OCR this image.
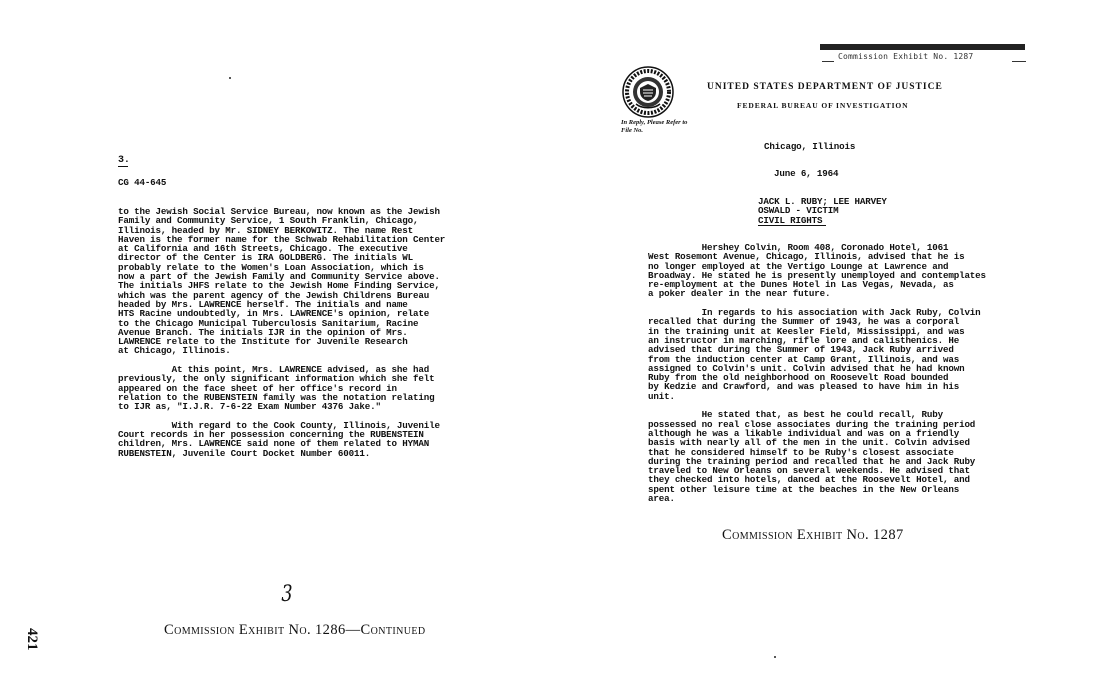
3.
CG 44-645
to the Jewish Social Service Bureau, now known as the Jewish
Family and Community Service, 1 South Franklin, Chicago,
Illinois, headed by Mr. SIDNEY BERKOWITZ. The name Rest
Haven is the former name for the Schwab Rehabilitation Center
at California and 16th Streets, Chicago. The executive
director of the Center is IRA GOLDBERG. The initials WL
probably relate to the Women's Loan Association, which is
now a part of the Jewish Family and Community Service above.
The initials JHFS relate to the Jewish Home Finding Service,
which was the parent agency of the Jewish Childrens Bureau
headed by Mrs. LAWRENCE herself. The initials and name
HTS Racine undoubtedly, in Mrs. LAWRENCE's opinion, relate
to the Chicago Municipal Tuberculosis Sanitarium, Racine
Avenue Branch. The initials IJR in the opinion of Mrs.
LAWRENCE relate to the Institute for Juvenile Research
at Chicago, Illinois.
At this point, Mrs. LAWRENCE advised, as she had
previously, the only significant information which she felt
appeared on the face sheet of her office's record in
relation to the RUBENSTEIN family was the notation relating
to IJR as, "I.J.R. 7-6-22 Exam Number 4376 Jake."
With regard to the Cook County, Illinois, Juvenile
Court records in her possession concerning the RUBENSTEIN
children, Mrs. LAWRENCE said none of them related to HYMAN
RUBENSTEIN, Juvenile Court Docket Number 60011.
3
Commission Exhibit No. 1286—Continued
421
Commission Exhibit No. 1287
UNITED STATES DEPARTMENT OF JUSTICE
FEDERAL BUREAU OF INVESTIGATION
In Reply, Please Refer to
File No.

Chicago, Illinois

June 6, 1964

JACK L. RUBY; LEE HARVEY
OSWALD - VICTIM
CIVIL RIGHTS
Hershey Colvin, Room 408, Coronado Hotel, 1061
West Rosemont Avenue, Chicago, Illinois, advised that he is
no longer employed at the Vertigo Lounge at Lawrence and
Broadway. He stated he is presently unemployed and contemplates
re-employment at the Dunes Hotel in Las Vegas, Nevada, as
a poker dealer in the near future.
In regards to his association with Jack Ruby, Colvin
recalled that during the Summer of 1943, he was a corporal
in the training unit at Keesler Field, Mississippi, and was
an instructor in marching, rifle lore and calisthenics. He
advised that during the Summer of 1943, Jack Ruby arrived
from the induction center at Camp Grant, Illinois, and was
assigned to Colvin's unit. Colvin advised that he had known
Ruby from the old neighborhood on Roosevelt Road bounded
by Kedzie and Crawford, and was pleased to have him in his
unit.
He stated that, as best he could recall, Ruby
possessed no real close associates during the training period
although he was a likable individual and was on a friendly
basis with nearly all of the men in the unit. Colvin advised
that he considered himself to be Ruby's closest associate
during the training period and recalled that he and Jack Ruby
traveled to New Orleans on several weekends. He advised that
they checked into hotels, danced at the Roosevelt Hotel, and
spent other leisure time at the beaches in the New Orleans
area.
Commission Exhibit No. 1287
